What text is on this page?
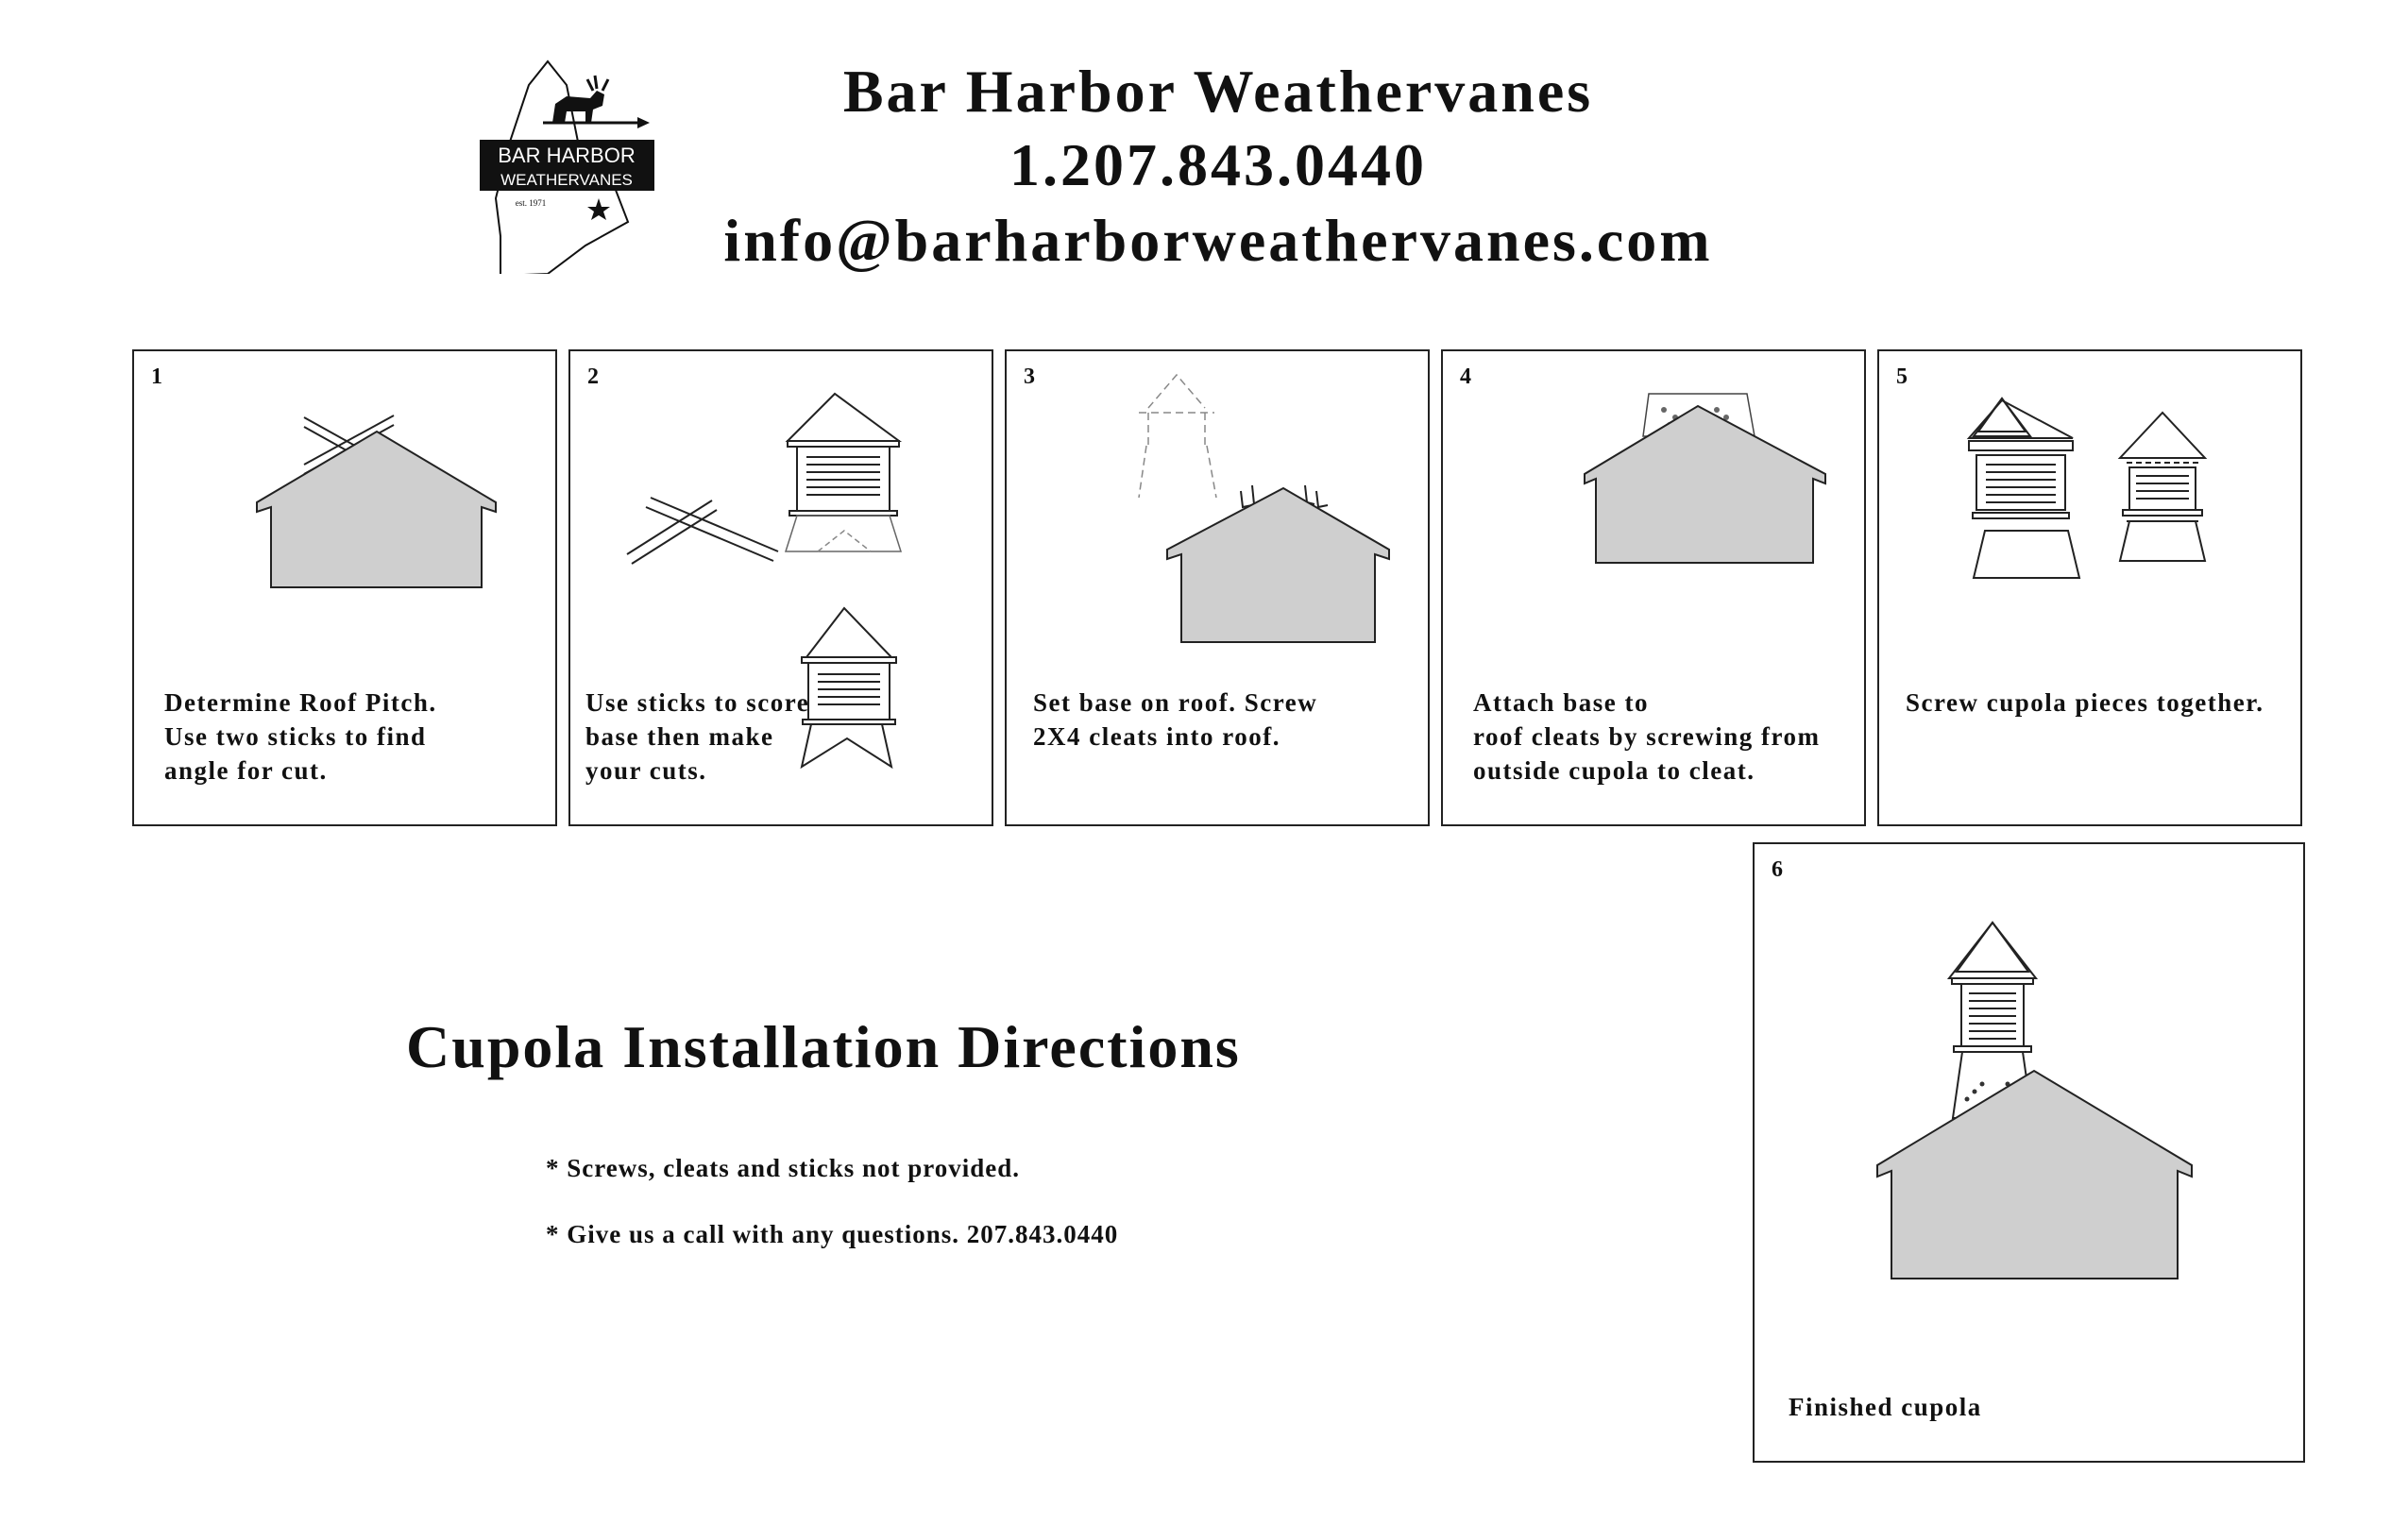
BAR HARBOR
WEATHERVANES
est. 1971
Bar Harbor Weathervanes
1.207.843.0440
info@barharborweathervanes.com
1
Determine Roof Pitch.
Use two sticks to find
angle for cut.
2
Use sticks to score
base then make
your cuts.
3
Set base on roof. Screw
2X4 cleats into roof.
4
Attach base to
roof cleats by screwing from
outside cupola to cleat.
5
Screw cupola pieces together.
6
Finished cupola
Cupola Installation Directions
* Screws, cleats and sticks not provided.
* Give us a call with any questions. 207.843.0440
